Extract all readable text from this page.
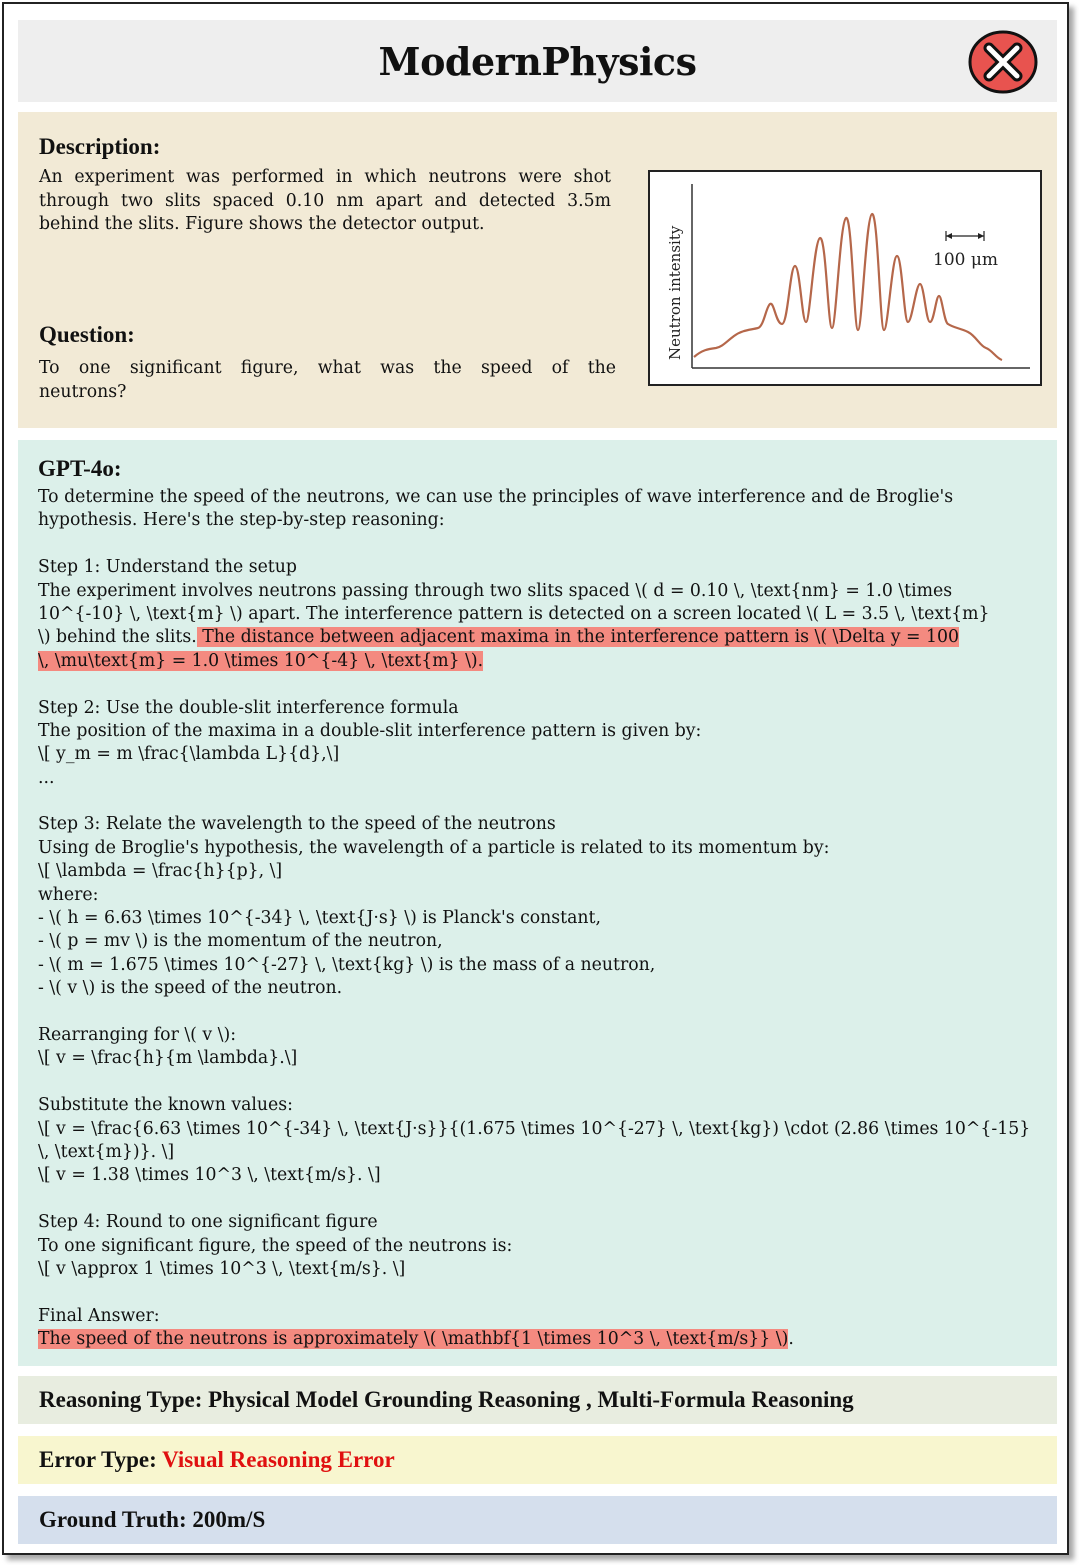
ModernPhysics
Description:
An experiment was performed in which neutrons were shot
through two slits spaced 0.10 nm apart and detected 3.5m
behind the slits. Figure shows the detector output.
Question:
To one significant figure, what was the speed of the
neutrons?
Neutron intensity	100 μm
GPT-4o:
To determine the speed of the neutrons, we can use the principles of wave interference and de Broglie's
hypothesis. Here's the step-by-step reasoning:
Step 1: Understand the setup
The experiment involves neutrons passing through two slits spaced \( d = 0.10 \, \text{nm} = 1.0 \times
10^{-10} \, \text{m} \) apart. The interference pattern is detected on a screen located \( L = 3.5 \, \text{m}
\) behind the slits. The distance between adjacent maxima in the interference pattern is \( \Delta y = 100
\, \mu\text{m} = 1.0 \times 10^{-4} \, \text{m} \).
Step 2: Use the double-slit interference formula
The position of the maxima in a double-slit interference pattern is given by:
\[ y_m = m \frac{\lambda L}{d},\]
...
Step 3: Relate the wavelength to the speed of the neutrons
Using de Broglie's hypothesis, the wavelength of a particle is related to its momentum by:
\[ \lambda = \frac{h}{p}, \]
where:
- \( h = 6.63 \times 10^{-34} \, \text{J·s} \) is Planck's constant,
- \( p = mv \) is the momentum of the neutron,
- \( m = 1.675 \times 10^{-27} \, \text{kg} \) is the mass of a neutron,
- \( v \) is the speed of the neutron.
Rearranging for \( v \):
\[ v = \frac{h}{m \lambda}.\]
Substitute the known values:
\[ v = \frac{6.63 \times 10^{-34} \, \text{J·s}}{(1.675 \times 10^{-27} \, \text{kg}) \cdot (2.86 \times 10^{-15}
\, \text{m})}. \]
\[ v = 1.38 \times 10^3 \, \text{m/s}. \]
Step 4: Round to one significant figure
To one significant figure, the speed of the neutrons is:
\[ v \approx 1 \times 10^3 \, \text{m/s}. \]
Final Answer:
The speed of the neutrons is approximately \( \mathbf{1 \times 10^3 \, \text{m/s}} \).
Reasoning Type: Physical Model Grounding Reasoning , Multi-Formula Reasoning
Error Type: Visual Reasoning Error
Ground Truth: 200m/S
